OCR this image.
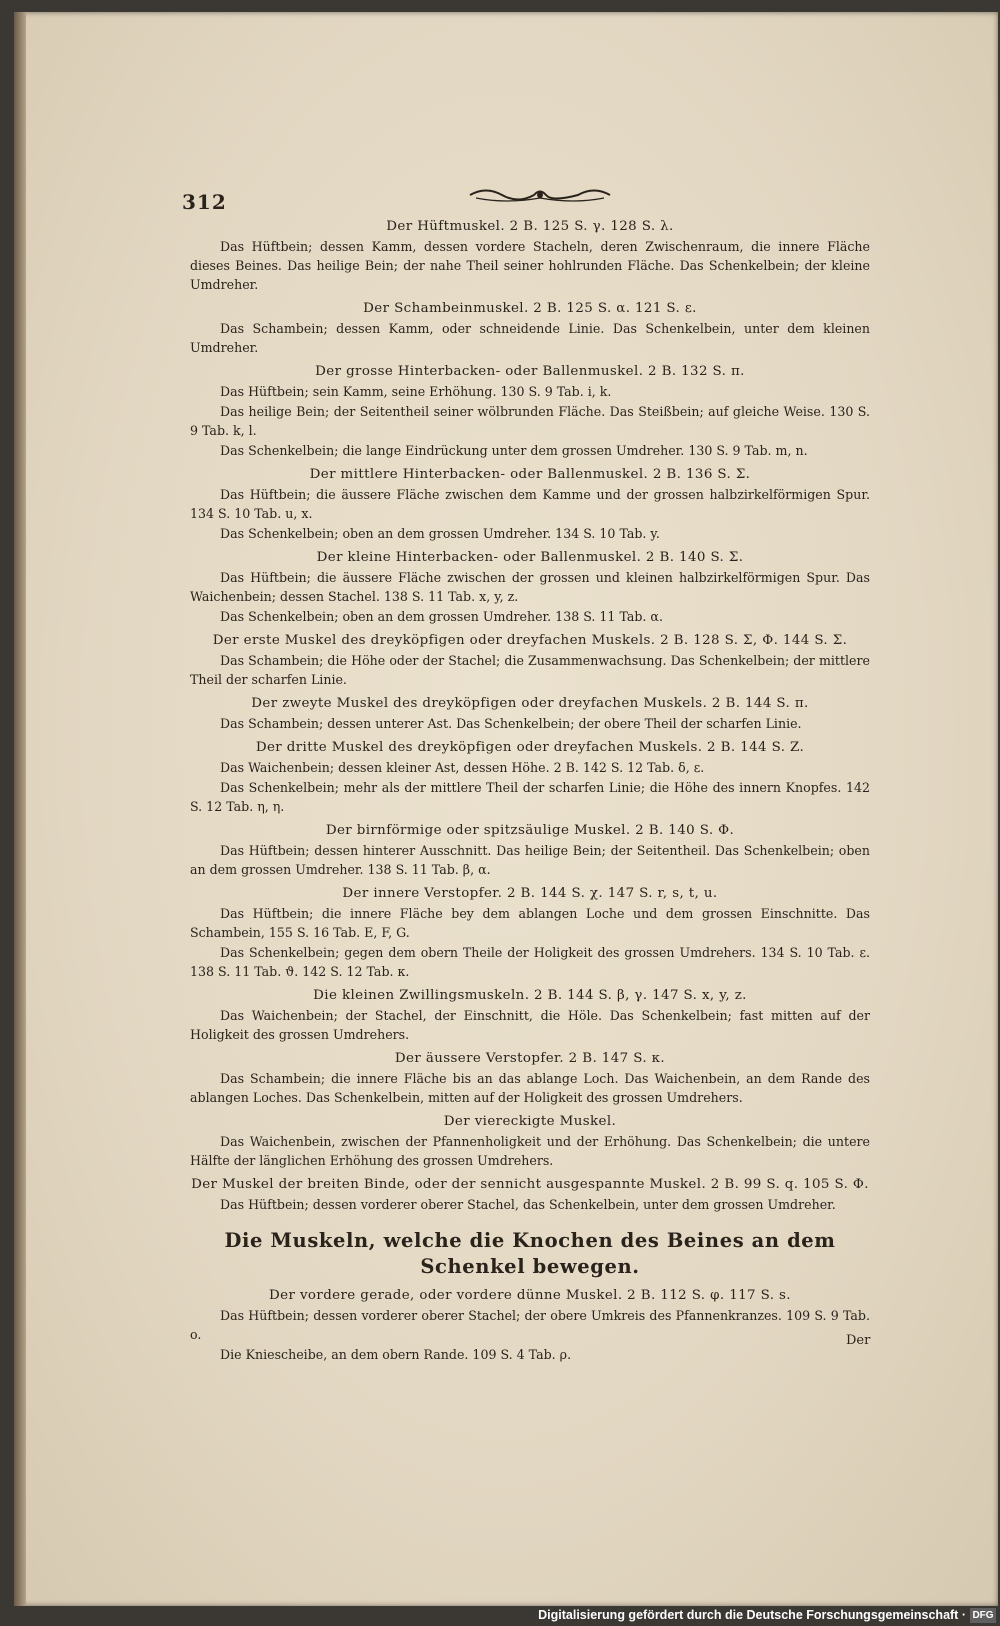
312
Der Hüftmuskel. 2 B. 125 S. γ. 128 S. λ.
Das Hüftbein; dessen Kamm, dessen vordere Stacheln, deren Zwischenraum, die innere Fläche dieses Beines. Das heilige Bein; der nahe Theil seiner hohlrunden Fläche. Das Schenkelbein; der kleine Umdreher.
Der Schambeinmuskel. 2 B. 125 S. α. 121 S. ε.
Das Schambein; dessen Kamm, oder schneidende Linie. Das Schenkelbein, unter dem kleinen Umdreher.
Der grosse Hinterbacken- oder Ballenmuskel. 2 B. 132 S. π.
Das Hüftbein; sein Kamm, seine Erhöhung. 130 S. 9 Tab. i, k.
Das heilige Bein; der Seitentheil seiner wölbrunden Fläche. Das Steißbein; auf gleiche Weise. 130 S. 9 Tab. k, l.
Das Schenkelbein; die lange Eindrückung unter dem grossen Umdreher. 130 S. 9 Tab. m, n.
Der mittlere Hinterbacken- oder Ballenmuskel. 2 B. 136 S. Σ.
Das Hüftbein; die äussere Fläche zwischen dem Kamme und der grossen halbzirkelförmigen Spur. 134 S. 10 Tab. u, x.
Das Schenkelbein; oben an dem grossen Umdreher. 134 S. 10 Tab. y.
Der kleine Hinterbacken- oder Ballenmuskel. 2 B. 140 S. Σ.
Das Hüftbein; die äussere Fläche zwischen der grossen und kleinen halbzirkelförmigen Spur. Das Waichenbein; dessen Stachel. 138 S. 11 Tab. x, y, z.
Das Schenkelbein; oben an dem grossen Umdreher. 138 S. 11 Tab. α.
Der erste Muskel des dreyköpfigen oder dreyfachen Muskels. 2 B. 128 S. Σ, Φ. 144 S. Σ.
Das Schambein; die Höhe oder der Stachel; die Zusammenwachsung. Das Schenkelbein; der mittlere Theil der scharfen Linie.
Der zweyte Muskel des dreyköpfigen oder dreyfachen Muskels. 2 B. 144 S. π.
Das Schambein; dessen unterer Ast. Das Schenkelbein; der obere Theil der scharfen Linie.
Der dritte Muskel des dreyköpfigen oder dreyfachen Muskels. 2 B. 144 S. Z.
Das Waichenbein; dessen kleiner Ast, dessen Höhe. 2 B. 142 S. 12 Tab. δ, ε.
Das Schenkelbein; mehr als der mittlere Theil der scharfen Linie; die Höhe des innern Knopfes. 142 S. 12 Tab. η, η.
Der birnförmige oder spitzsäulige Muskel. 2 B. 140 S. Φ.
Das Hüftbein; dessen hinterer Ausschnitt. Das heilige Bein; der Seitentheil. Das Schenkelbein; oben an dem grossen Umdreher. 138 S. 11 Tab. β, α.
Der innere Verstopfer. 2 B. 144 S. χ. 147 S. r, s, t, u.
Das Hüftbein; die innere Fläche bey dem ablangen Loche und dem grossen Einschnitte. Das Schambein, 155 S. 16 Tab. E, F, G.
Das Schenkelbein; gegen dem obern Theile der Holigkeit des grossen Umdrehers. 134 S. 10 Tab. ε. 138 S. 11 Tab. ϑ. 142 S. 12 Tab. κ.
Die kleinen Zwillingsmuskeln. 2 B. 144 S. β, γ. 147 S. x, y, z.
Das Waichenbein; der Stachel, der Einschnitt, die Höle. Das Schenkelbein; fast mitten auf der Holigkeit des grossen Umdrehers.
Der äussere Verstopfer. 2 B. 147 S. κ.
Das Schambein; die innere Fläche bis an das ablange Loch. Das Waichenbein, an dem Rande des ablangen Loches. Das Schenkelbein, mitten auf der Holigkeit des grossen Umdrehers.
Der viereckigte Muskel.
Das Waichenbein, zwischen der Pfannenholigkeit und der Erhöhung. Das Schenkelbein; die untere Hälfte der länglichen Erhöhung des grossen Umdrehers.
Der Muskel der breiten Binde, oder der sennicht ausgespannte Muskel. 2 B. 99 S. q. 105 S. Φ.
Das Hüftbein; dessen vorderer oberer Stachel, das Schenkelbein, unter dem grossen Umdreher.
Die Muskeln, welche die Knochen des Beines an dem Schenkel bewegen.
Der vordere gerade, oder vordere dünne Muskel. 2 B. 112 S. φ. 117 S. s.
Das Hüftbein; dessen vorderer oberer Stachel; der obere Umkreis des Pfannenkranzes. 109 S. 9 Tab. o.
Die Kniescheibe, an dem obern Rande. 109 S. 4 Tab. ρ.
Der
Digitalisierung gefördert durch die Deutsche Forschungsgemeinschaft · DFG
